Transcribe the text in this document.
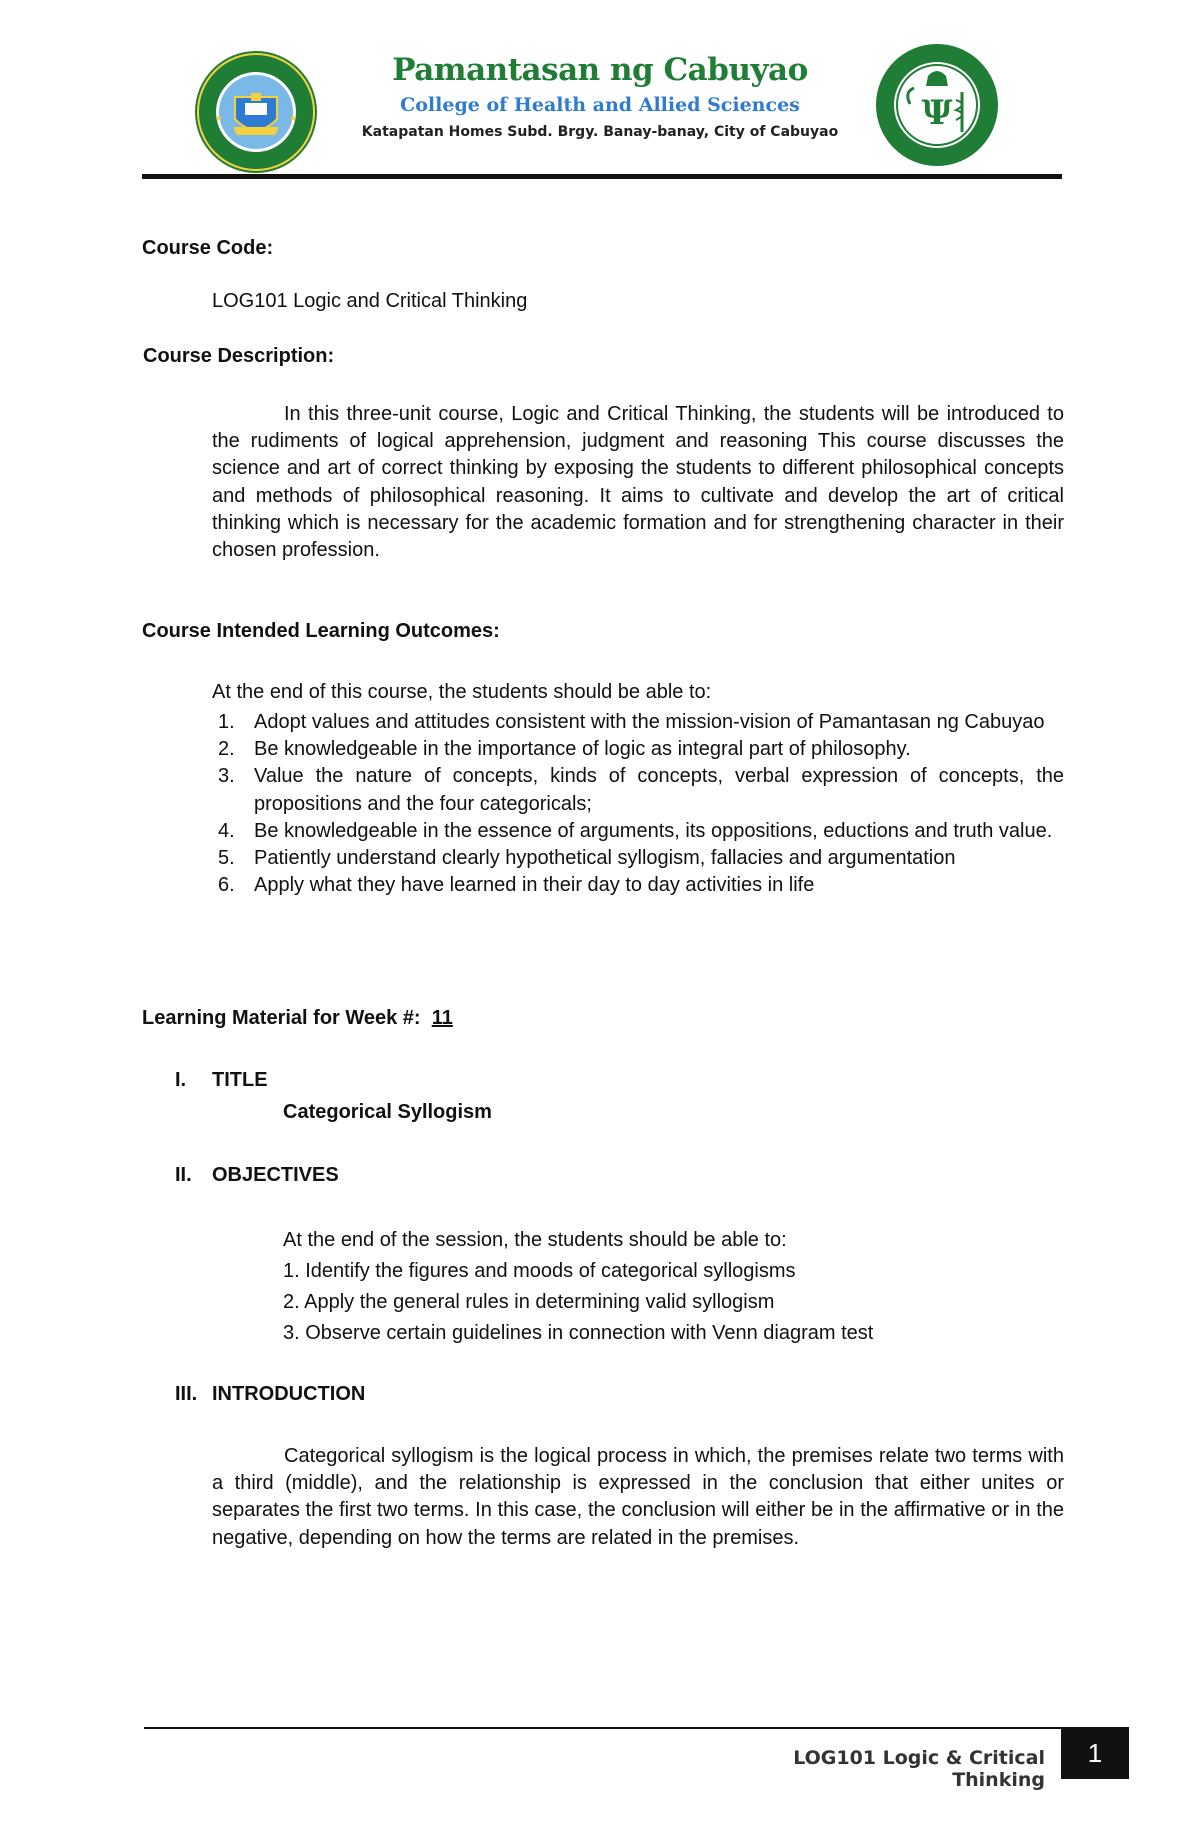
★	★
Pamantasan ng Cabuyao
College of Health and Allied Sciences
Katapatan Homes Subd. Brgy. Banay-banay, City of Cabuyao	Ψ
Course Code:
LOG101 Logic and Critical Thinking
Course Description:
In this three-unit course, Logic and Critical Thinking, the students will be introduced to the rudiments of logical apprehension, judgment and reasoning This course discusses the science and art of correct thinking by exposing the students to different philosophical concepts and methods of philosophical reasoning. It aims to cultivate and develop the art of critical thinking which is necessary for the academic formation and for strengthening character in their chosen profession.
Course Intended Learning Outcomes:
At the end of this course, the students should be able to:
1. Adopt values and attitudes consistent with the mission-vision of Pamantasan ng Cabuyao
2. Be knowledgeable in the importance of logic as integral part of philosophy.
3. Value the nature of concepts, kinds of concepts, verbal expression of concepts, the propositions and the four categoricals;
4. Be knowledgeable in the essence of arguments, its oppositions, eductions and truth value.
5. Patiently understand clearly hypothetical syllogism, fallacies and argumentation
6. Apply what they have learned in their day to day activities in life
Learning Material for Week #: 11
I. TITLE
Categorical Syllogism
II. OBJECTIVES
At the end of the session, the students should be able to:
1. Identify the figures and moods of categorical syllogisms
2. Apply the general rules in determining valid syllogism
3. Observe certain guidelines in connection with Venn diagram test
III. INTRODUCTION
Categorical syllogism is the logical process in which, the premises relate two terms with a third (middle), and the relationship is expressed in the conclusion that either unites or separates the first two terms. In this case, the conclusion will either be in the affirmative or in the negative, depending on how the terms are related in the premises.
LOG101 Logic & Critical Thinking
1
